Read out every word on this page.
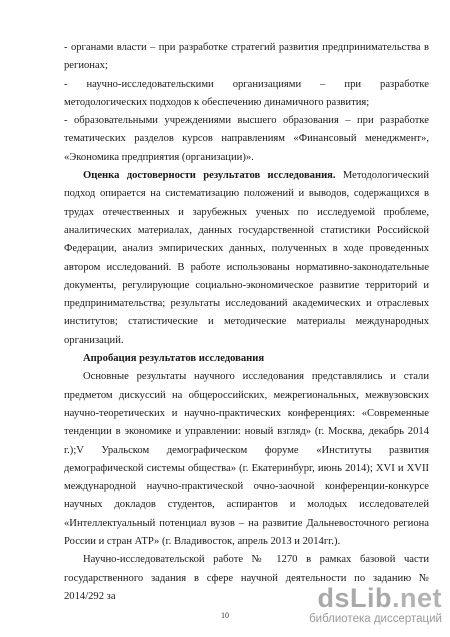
- органами власти – при разработке стратегий развития предпринимательства в регионах;

- научно-исследовательскими организациями – при разработке методологических подходов к обеспечению динамичного развития;

- образовательными учреждениями высшего образования – при разработке тематических разделов курсов направлениям «Финансовый менеджмент», «Экономика предприятия (организации)».

Оценка достоверности результатов исследования. Методологический подход опирается на систематизацию положений и выводов, содержащихся в трудах отечественных и зарубежных ученых по исследуемой проблеме, аналитических материалах, данных государственной статистики Российской Федерации, анализ эмпирических данных, полученных в ходе проведенных автором исследований. В работе использованы нормативно-законодательные документы, регулирующие социально-экономическое развитие территорий и предпринимательства; результаты исследований академических и отраслевых институтов; статистические и методические материалы международных организаций.

Апробация результатов исследования

Основные результаты научного исследования представлялись и стали предметом дискуссий на общероссийских, межрегиональных, межвузовских научно-теоретических и научно-практических конференциях: «Современные тенденции в экономике и управлении: новый взгляд» (г. Москва, декабрь 2014 г.);V Уральском демографическом форуме «Институты развития демографической системы общества» (г. Екатеринбург, июнь 2014); XVI и XVII международной научно-практической очно-заочной конференции-конкурсе научных докладов студентов, аспирантов и молодых исследователей «Интеллектуальный потенциал вузов – на развитие Дальневосточного региона России и стран АТР» (г. Владивосток, апрель 2013 и 2014гг.).

Научно-исследовательской работе № 1270 в рамках базовой части государственного задания в сфере научной деятельности по заданию № 2014/292 за

10
dsLib.net
библиотека диссертаций
